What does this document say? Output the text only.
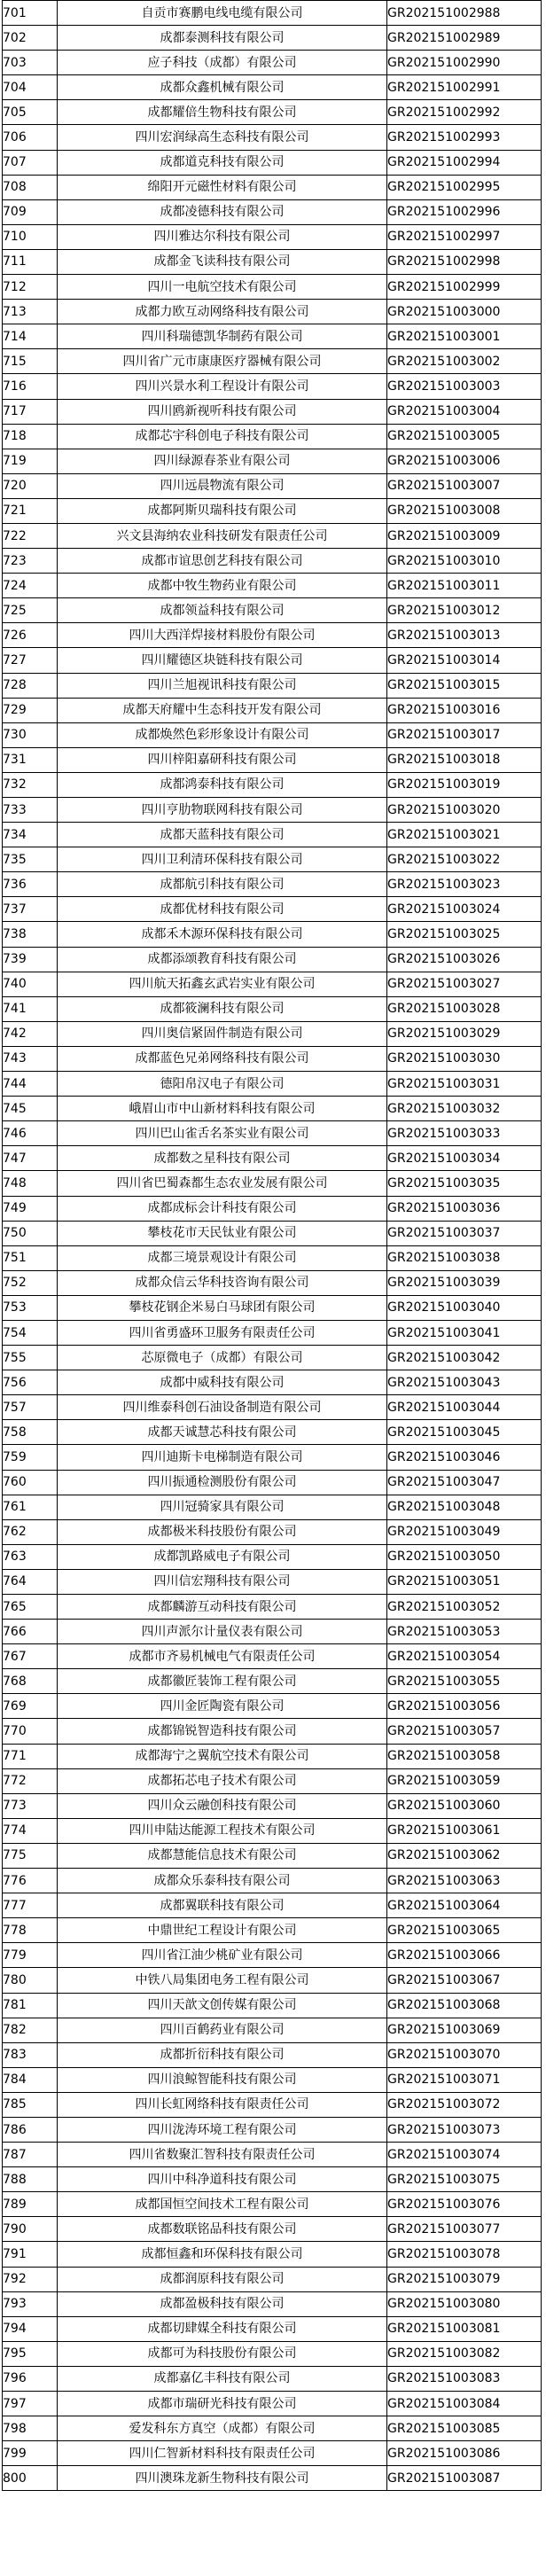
701	自贡市赛鹏电线电缆有限公司	GR202151002988
702	成都泰测科技有限公司	GR202151002989
703	应子科技（成都）有限公司	GR202151002990
704	成都众鑫机械有限公司	GR202151002991
705	成都耀倍生物科技有限公司	GR202151002992
706	四川宏润绿高生态科技有限公司	GR202151002993
707	成都道克科技有限公司	GR202151002994
708	绵阳开元磁性材料有限公司	GR202151002995
709	成都凌德科技有限公司	GR202151002996
710	四川雅达尔科技有限公司	GR202151002997
711	成都金飞读科技有限公司	GR202151002998
712	四川一电航空技术有限公司	GR202151002999
713	成都力欧互动网络科技有限公司	GR202151003000
714	四川科瑞德凯华制药有限公司	GR202151003001
715	四川省广元市康康医疗器械有限公司	GR202151003002
716	四川兴景水利工程设计有限公司	GR202151003003
717	四川鸥新视听科技有限公司	GR202151003004
718	成都芯宇科创电子科技有限公司	GR202151003005
719	四川绿源春茶业有限公司	GR202151003006
720	四川远晨物流有限公司	GR202151003007
721	成都阿斯贝瑞科技有限公司	GR202151003008
722	兴文县海纳农业科技研发有限责任公司	GR202151003009
723	成都市谊思创艺科技有限公司	GR202151003010
724	成都中牧生物药业有限公司	GR202151003011
725	成都领益科技有限公司	GR202151003012
726	四川大西洋焊接材料股份有限公司	GR202151003013
727	四川耀德区块链科技有限公司	GR202151003014
728	四川兰旭视讯科技有限公司	GR202151003015
729	成都天府耀中生态科技开发有限公司	GR202151003016
730	成都焕然色彩形象设计有限公司	GR202151003017
731	四川梓阳嘉研科技有限公司	GR202151003018
732	成都鸿泰科技有限公司	GR202151003019
733	四川亨肋物联网科技有限公司	GR202151003020
734	成都天蓝科技有限公司	GR202151003021
735	四川卫利清环保科技有限公司	GR202151003022
736	成都航引科技有限公司	GR202151003023
737	成都优材科技有限公司	GR202151003024
738	成都禾木源环保科技有限公司	GR202151003025
739	成都添颂教育科技有限公司	GR202151003026
740	四川航天拓鑫玄武岩实业有限公司	GR202151003027
741	成都筱澜科技有限公司	GR202151003028
742	四川奥信紧固件制造有限公司	GR202151003029
743	成都蓝色兄弟网络科技有限公司	GR202151003030
744	德阳帛汉电子有限公司	GR202151003031
745	峨眉山市中山新材料科技有限公司	GR202151003032
746	四川巴山雀舌名茶实业有限公司	GR202151003033
747	成都数之星科技有限公司	GR202151003034
748	四川省巴蜀森都生态农业发展有限公司	GR202151003035
749	成都成标会计科技有限公司	GR202151003036
750	攀枝花市天民钛业有限公司	GR202151003037
751	成都三境景观设计有限公司	GR202151003038
752	成都众信云华科技咨询有限公司	GR202151003039
753	攀枝花钢企米易白马球团有限公司	GR202151003040
754	四川省勇盛环卫服务有限责任公司	GR202151003041
755	芯原微电子（成都）有限公司	GR202151003042
756	成都中威科技有限公司	GR202151003043
757	四川维泰科创石油设备制造有限公司	GR202151003044
758	成都天诚慧芯科技有限公司	GR202151003045
759	四川迪斯卡电梯制造有限公司	GR202151003046
760	四川振通检测股份有限公司	GR202151003047
761	四川冠骑家具有限公司	GR202151003048
762	成都极米科技股份有限公司	GR202151003049
763	成都凯路威电子有限公司	GR202151003050
764	四川信宏翔科技有限公司	GR202151003051
765	成都麟游互动科技有限公司	GR202151003052
766	四川声派尔计量仪表有限公司	GR202151003053
767	成都市齐易机械电气有限责任公司	GR202151003054
768	成都徽匠装饰工程有限公司	GR202151003055
769	四川金匠陶瓷有限公司	GR202151003056
770	成都锦锐智造科技有限公司	GR202151003057
771	成都海宁之翼航空技术有限公司	GR202151003058
772	成都拓芯电子技术有限公司	GR202151003059
773	四川众云融创科技有限公司	GR202151003060
774	四川申陆达能源工程技术有限公司	GR202151003061
775	成都慧能信息技术有限公司	GR202151003062
776	成都众乐泰科技有限公司	GR202151003063
777	成都翼联科技有限公司	GR202151003064
778	中鼎世纪工程设计有限公司	GR202151003065
779	四川省江油少桃矿业有限公司	GR202151003066
780	中铁八局集团电务工程有限公司	GR202151003067
781	四川天歆文创传媒有限公司	GR202151003068
782	四川百鹤药业有限公司	GR202151003069
783	成都折衍科技有限公司	GR202151003070
784	四川浪鲸智能科技有限公司	GR202151003071
785	四川长虹网络科技有限责任公司	GR202151003072
786	四川泷涛环境工程有限公司	GR202151003073
787	四川省数聚汇智科技有限责任公司	GR202151003074
788	四川中科净道科技有限公司	GR202151003075
789	成都国恒空间技术工程有限公司	GR202151003076
790	成都数联铭品科技有限公司	GR202151003077
791	成都恒鑫和环保科技有限公司	GR202151003078
792	成都润原科技有限公司	GR202151003079
793	成都盈极科技有限公司	GR202151003080
794	成都切肆媒全科技有限公司	GR202151003081
795	成都可为科技股份有限公司	GR202151003082
796	成都嘉亿丰科技有限公司	GR202151003083
797	成都市瑞研光科技有限公司	GR202151003084
798	爱发科东方真空（成都）有限公司	GR202151003085
799	四川仁智新材料科技有限责任公司	GR202151003086
800	四川澳珠龙新生物科技有限公司	GR202151003087
